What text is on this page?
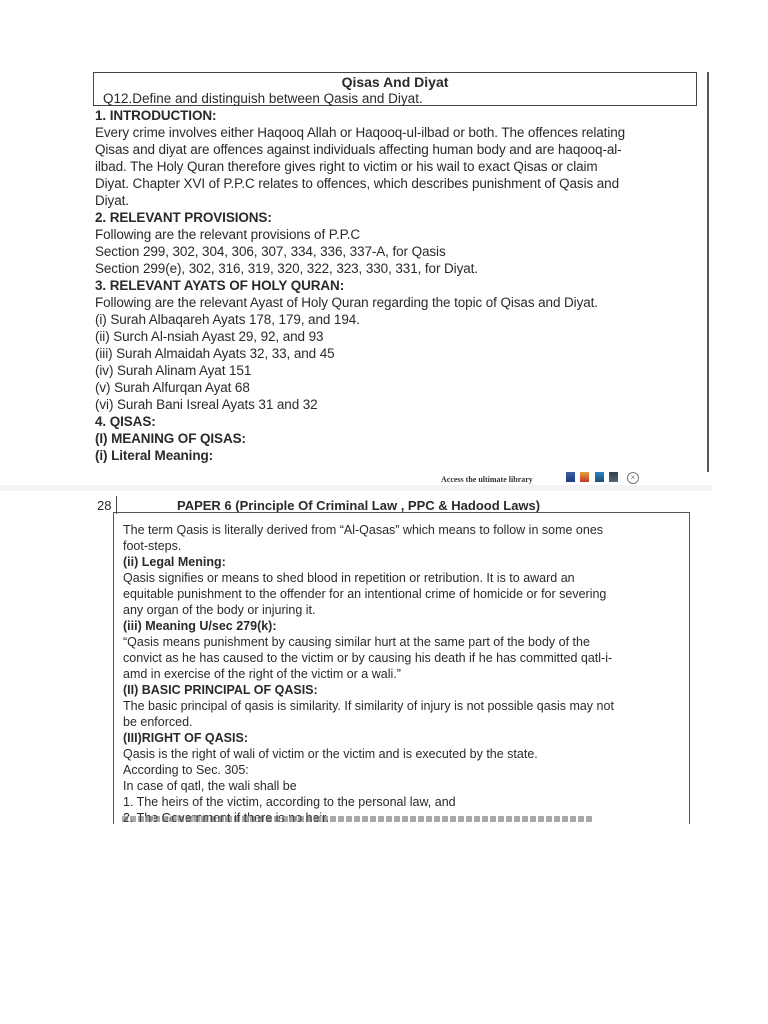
Qisas And Diyat
Q12.Define and distinguish between Qasis and Diyat.
1. INTRODUCTION:
Every crime involves either Haqooq Allah or Haqooq-ul-ilbad or both. The offences relating
Qisas and diyat are offences against individuals affecting human body and are haqooq-al-
ilbad. The Holy Quran therefore gives right to victim or his wail to exact Qisas or claim
Diyat. Chapter XVI of P.P.C relates to offences, which describes punishment of Qasis and
Diyat.
2. RELEVANT PROVISIONS:
Following are the relevant provisions of P.P.C
Section 299, 302, 304, 306, 307, 334, 336, 337-A, for Qasis
Section 299(e), 302, 316, 319, 320, 322, 323, 330, 331, for Diyat.
3. RELEVANT AYATS OF HOLY QURAN:
Following are the relevant Ayast of Holy Quran regarding the topic of Qisas and Diyat.
(i) Surah Albaqareh Ayats 178, 179, and 194.
(ii) Surch Al-nsiah Ayast 29, 92, and 93
(iii) Surah Almaidah Ayats 32, 33, and 45
(iv) Surah Alinam Ayat 151
(v) Surah Alfurqan Ayat 68
(vi) Surah Bani Isreal Ayats 31 and 32
4. QISAS:
(I) MEANING OF QISAS:
(i) Literal Meaning:
Access the ultimate library	×
28	PAPER 6 (Principle Of Criminal Law , PPC & Hadood Laws)
The term Qasis is literally derived from “Al-Qasas” which means to follow in some ones
foot-steps.
(ii) Legal Mening:
Qasis signifies or means to shed blood in repetition or retribution. It is to award an
equitable punishment to the offender for an intentional crime of homicide or for severing
any organ of the body or injuring it.
(iii) Meaning U/sec 279(k):
“Qasis means punishment by causing similar hurt at the same part of the body of the
convict as he has caused to the victim or by causing his death if he has committed qatl-i-
amd in exercise of the right of the victim or a wali.”
(II) BASIC PRINCIPAL OF QASIS:
The basic principal of qasis is similarity. If similarity of injury is not possible qasis may not
be enforced.
(III)RIGHT OF QASIS:
Qasis is the right of wali of victim or the victim and is executed by the state.
According to Sec. 305:
In case of qatl, the wali shall be
1. The heirs of the victim, according to the personal law, and
